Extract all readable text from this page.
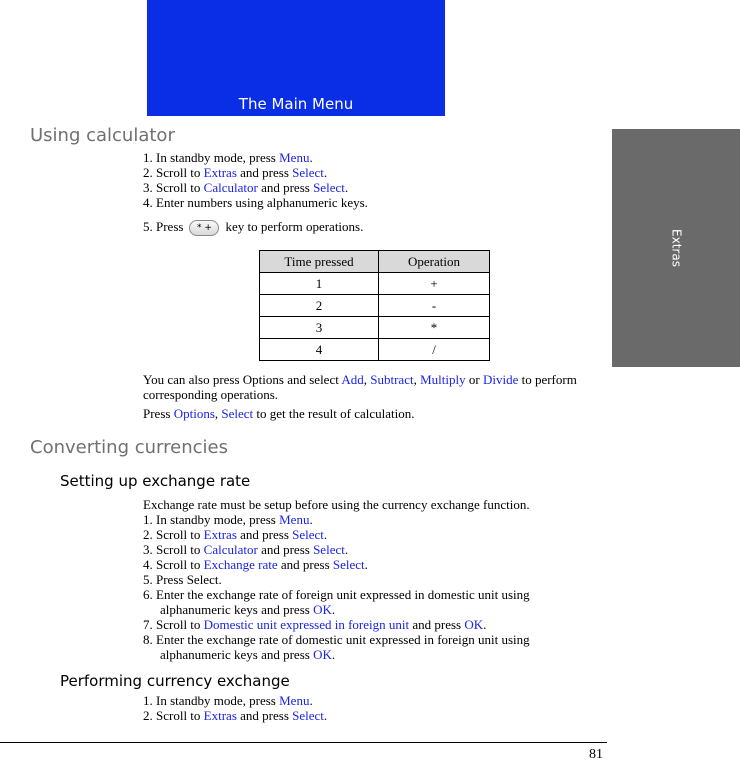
The Main Menu
Extras
Using calculator

1. In standby mode, press Menu.

2. Scroll to Extras and press Select.

3. Scroll to Calculator and press Select.

4. Enter numbers using alphanumeric keys.

5. Press * + key to perform operations.

Time pressed	Operation
1	+
2	-
3	*
4	/

You can also press Options and select Add, Subtract, Multiply or Divide to perform corresponding operations.

Press Options, Select to get the result of calculation.

Converting currencies
Setting up exchange rate

Exchange rate must be setup before using the currency exchange function.

1. In standby mode, press Menu.

2. Scroll to Extras and press Select.

3. Scroll to Calculator and press Select.

4. Scroll to Exchange rate and press Select.

5. Press Select.

6. Enter the exchange rate of foreign unit expressed in domestic unit using

alphanumeric keys and press OK.

7. Scroll to Domestic unit expressed in foreign unit and press OK.

8. Enter the exchange rate of domestic unit expressed in foreign unit using

alphanumeric keys and press OK.

Performing currency exchange

1. In standby mode, press Menu.

2. Scroll to Extras and press Select.

81
